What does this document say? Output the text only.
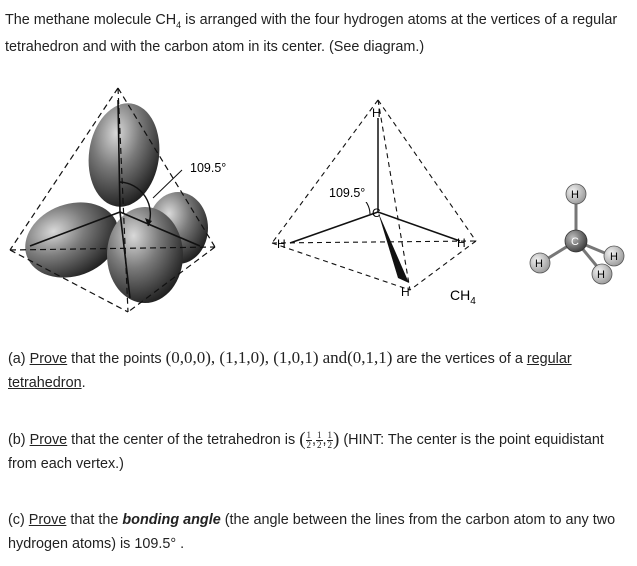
The methane molecule $CH_4$ is arranged with the four hydrogen atoms at the vertices of a regular tetrahedron and with the carbon atom in its center. (See diagram.)
109.5°
109.5°
H
C
H	H
H	$CH_4$
H
H
H
H
C
(a) Prove that the points (0,0,0), (1,1,0), (1,0,1) and(0,1,1) are the vertices of a regular
tetrahedron.
(b) Prove that the center of the tetrahedron is ( $\frac{1}{2}$ , $\frac{1}{2}$ , $\frac{1}{2}$ ) (HINT: The center is the point equidistant from each vertex.)
(c) Prove that the bonding angle (the angle between the lines from the carbon atom to any two hydrogen atoms) is 109.5° .
